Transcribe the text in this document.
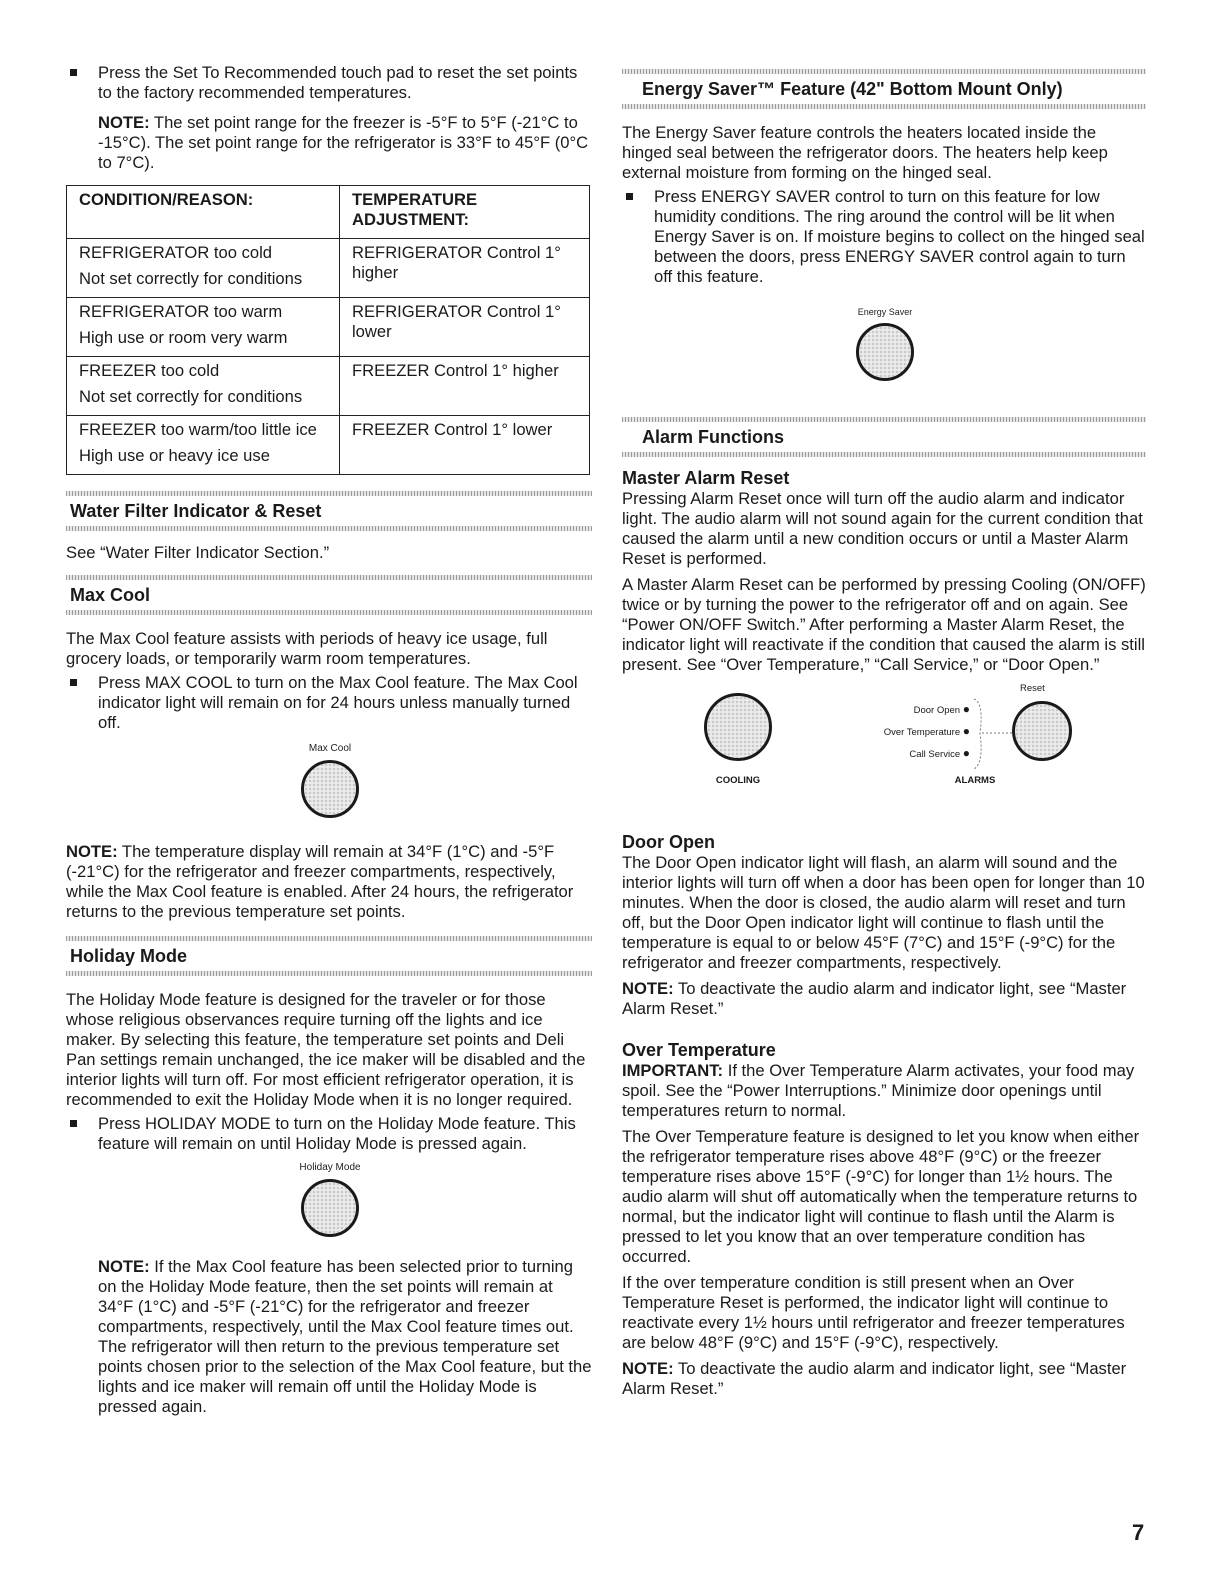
Press the Set To Recommended touch pad to reset the set points to the factory recommended temperatures.

NOTE: The set point range for the freezer is -5°F to 5°F (-21°C to -15°C). The set point range for the refrigerator is 33°F to 45°F (0°C to 7°C).

CONDITION/REASON:	TEMPERATURE ADJUSTMENT:

REFRIGERATOR too cold
Not set correctly for conditions	REFRIGERATOR Control 1° higher

REFRIGERATOR too warm
High use or room very warm	REFRIGERATOR Control 1° lower

FREEZER too cold
Not set correctly for conditions	FREEZER Control 1° higher

FREEZER too warm/too little ice
High use or heavy ice use	FREEZER Control 1° lower
Water Filter Indicator & Reset

See “Water Filter Indicator Section.”

Max Cool

The Max Cool feature assists with periods of heavy ice usage, full grocery loads, or temporarily warm room temperatures.

Press MAX COOL to turn on the Max Cool feature. The Max Cool indicator light will remain on for 24 hours unless manually turned off.
Max Cool

NOTE: The temperature display will remain at 34°F (1°C) and -5°F (-21°C) for the refrigerator and freezer compartments, respectively, while the Max Cool feature is enabled. After 24 hours, the refrigerator returns to the previous temperature set points.

Holiday Mode

The Holiday Mode feature is designed for the traveler or for those whose religious observances require turning off the lights and ice maker. By selecting this feature, the temperature set points and Deli Pan settings remain unchanged, the ice maker will be disabled and the interior lights will turn off. For most efficient refrigerator operation, it is recommended to exit the Holiday Mode when it is no longer required.

Press HOLIDAY MODE to turn on the Holiday Mode feature. This feature will remain on until Holiday Mode is pressed again.
Holiday Mode

NOTE: If the Max Cool feature has been selected prior to turning on the Holiday Mode feature, then the set points will remain at 34°F (1°C) and -5°F (-21°C) for the refrigerator and freezer compartments, respectively, until the Max Cool feature times out. The refrigerator will then return to the previous temperature set points chosen prior to the selection of the Max Cool feature, but the lights and ice maker will remain off until the Holiday Mode is pressed again.

Energy Saver™ Feature (42" Bottom Mount Only)

The Energy Saver feature controls the heaters located inside the hinged seal between the refrigerator doors. The heaters help keep external moisture from forming on the hinged seal.

Press ENERGY SAVER control to turn on this feature for low humidity conditions. The ring around the control will be lit when Energy Saver is on. If moisture begins to collect on the hinged seal between the doors, press ENERGY SAVER control again to turn off this feature.
Energy Saver
Alarm Functions
Master Alarm Reset

Pressing Alarm Reset once will turn off the audio alarm and indicator light. The audio alarm will not sound again for the current condition that caused the alarm until a new condition occurs or until a Master Alarm Reset is performed.

A Master Alarm Reset can be performed by pressing Cooling (ON/OFF) twice or by turning the power to the refrigerator off and on again. See “Power ON/OFF Switch.” After performing a Master Alarm Reset, the indicator light will reactivate if the condition that caused the alarm is still present. See “Over Temperature,” “Call Service,” or “Door Open.”

COOLING
Door Open ●
Over Temperature ●
Call Service ●
Reset
ALARMS
Door Open

The Door Open indicator light will flash, an alarm will sound and the interior lights will turn off when a door has been open for longer than 10 minutes. When the door is closed, the audio alarm will reset and turn off, but the Door Open indicator light will continue to flash until the temperature is equal to or below 45°F (7°C) and 15°F (-9°C) for the refrigerator and freezer compartments, respectively.

NOTE: To deactivate the audio alarm and indicator light, see “Master Alarm Reset.”

Over Temperature

IMPORTANT: If the Over Temperature Alarm activates, your food may spoil. See the “Power Interruptions.” Minimize door openings until temperatures return to normal.

The Over Temperature feature is designed to let you know when either the refrigerator temperature rises above 48°F (9°C) or the freezer temperature rises above 15°F (-9°C) for longer than 1½ hours. The audio alarm will shut off automatically when the temperature returns to normal, but the indicator light will continue to flash until the Alarm is pressed to let you know that an over temperature condition has occurred.

If the over temperature condition is still present when an Over Temperature Reset is performed, the indicator light will continue to reactivate every 1½ hours until refrigerator and freezer temperatures are below 48°F (9°C) and 15°F (-9°C), respectively.

NOTE: To deactivate the audio alarm and indicator light, see “Master Alarm Reset.”

7
